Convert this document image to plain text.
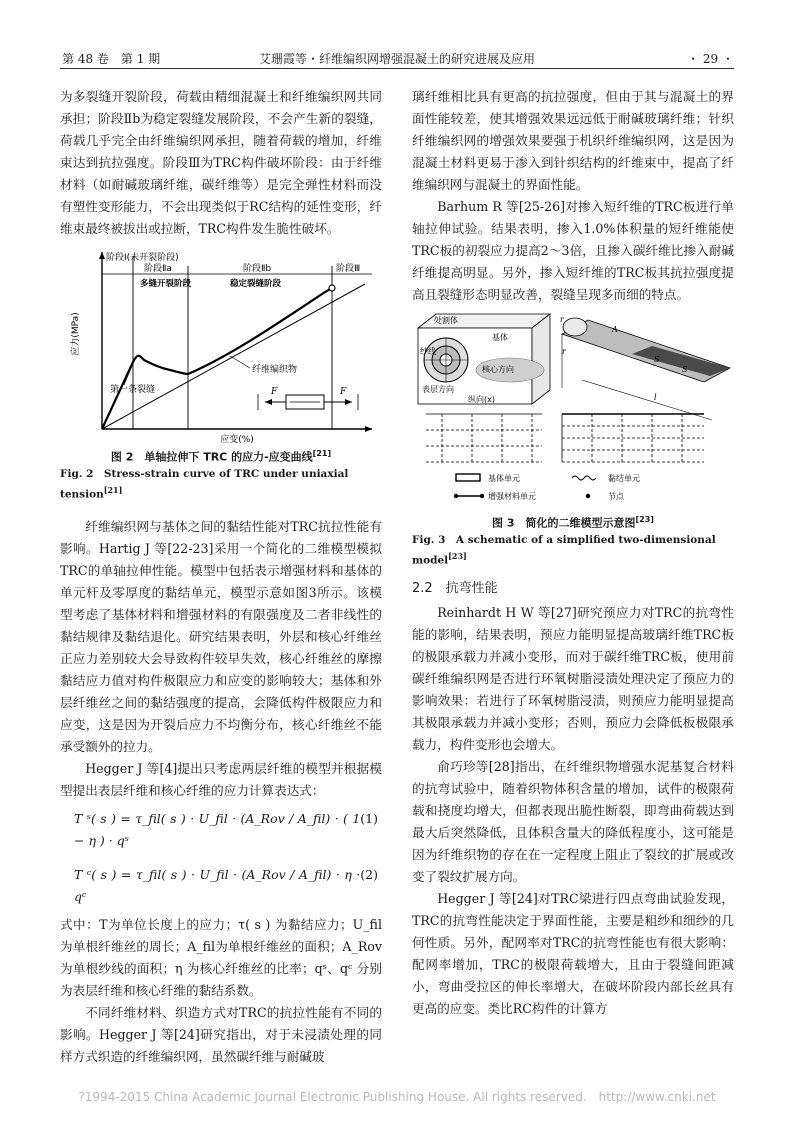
第 48 卷　第 1 期	艾珊霞等・纤维编织网增强混凝土的研究进展及应用	・ 29 ・

为多裂缝开裂阶段，荷载由精细混凝土和纤维编织网共同承担；阶段Ⅱb为稳定裂缝发展阶段，不会产生新的裂缝，荷载几乎完全由纤维编织网承担，随着荷载的增加，纤维束达到抗拉强度。阶段Ⅲ为TRC构件破坏阶段：由于纤维材料（如耐碱玻璃纤维，碳纤维等）是完全弹性材料而没有塑性变形能力，不会出现类似于RC结构的延性变形，纤维束最终被拔出或拉断，TRC构件发生脆性破坏。

阶段Ⅰ(未开裂阶段)
阶段Ⅱa
多缝开裂阶段
阶段Ⅱb
稳定裂缝阶段
阶段Ⅲ
应力(MPa)
应变(%)
纤维编织物
第一条裂缝	F	F
图 2　单轴拉伸下 TRC 的应力-应变曲线[21]
Fig. 2　Stress-strain curve of TRC under uniaxial tension[21]

纤维编织网与基体之间的黏结性能对TRC抗拉性能有影响。Hartig J 等[22-23]采用一个简化的二维模型模拟TRC的单轴拉伸性能。模型中包括表示增强材料和基体的单元杆及零厚度的黏结单元，模型示意如图3所示。该模型考虑了基体材料和增强材料的有限强度及二者非线性的黏结规律及黏结退化。研究结果表明，外层和核心纤维丝正应力差别较大会导致构件较早失效，核心纤维丝的摩擦黏结应力值对构件极限应力和应变的影响较大；基体和外层纤维丝之间的黏结强度的提高，会降低构件极限应力和应变，这是因为开裂后应力不均衡分布，核心纤维丝不能承受额外的拉力。

Hegger J 等[4]提出只考虑两层纤维的模型并根据模型提出表层纤维和核心纤维的应力计算表达式：

T ˢ( s ) = τ_fil( s ) · U_fil · (A_Rov / A_fil) · ( 1 − η ) · qˢ
(1)
T ᶜ( s ) = τ_fil( s ) · U_fil · (A_Rov / A_fil) · η · qᶜ
(2)

式中：T为单位长度上的应力；τ( s ) 为黏结应力；U_fil为单根纤维丝的周长；A_fil为单根纤维丝的面积；A_Rov为单根纱线的面积；η 为核心纤维丝的比率；qˢ、qᶜ 分别为表层纤维和核心纤维的黏结系数。

不同纤维材料、织造方式对TRC的抗拉性能有不同的影响。Hegger J 等[24]研究指出，对于未浸渍处理的同样方式织造的纤维编织网，虽然碳纤维与耐碱玻

璃纤维相比具有更高的抗拉强度，但由于其与混凝土的界面性能较差，使其增强效果远远低于耐碱玻璃纤维；针织纤维编织网的增强效果要强于机织纤维编织网，这是因为混凝土材料更易于渗入到针织结构的纤维束中，提高了纤维编织网与混凝土的界面性能。

Barhum R 等[25-26]对掺入短纤维的TRC板进行单轴拉伸试验。结果表明，掺入1.0%体积量的短纤维能使TRC板的初裂应力提高2～3倍，且掺入碳纤维比掺入耐碱纤维提高明显。另外，掺入短纤维的TRC板其抗拉强度提高且裂缝形态明显改善，裂缝呈现多而细的特点。

处割体
基体
纱线
核心方向
表层方向
纵向(x)
r
r
A
S
S
l
基体单元	黏结单元
增强材料单元	节点
图 3　简化的二维模型示意图[23]
Fig. 3　A schematic of a simplified two-dimensional model[23]
2.2　抗弯性能

Reinhardt H W 等[27]研究预应力对TRC的抗弯性能的影响，结果表明，预应力能明显提高玻璃纤维TRC板的极限承载力并减小变形，而对于碳纤维TRC板，使用前碳纤维编织网是否进行环氧树脂浸渍处理决定了预应力的影响效果：若进行了环氧树脂浸渍，则预应力能明显提高其极限承载力并减小变形；否则，预应力会降低板极限承载力，构件变形也会增大。

俞巧珍等[28]指出，在纤维织物增强水泥基复合材料的抗弯试验中，随着织物体积含量的增加，试件的极限荷载和挠度均增大，但都表现出脆性断裂，即弯曲荷载达到最大后突然降低，且体积含量大的降低程度小，这可能是因为纤维织物的存在在一定程度上阻止了裂纹的扩展或改变了裂纹扩展方向。

Hegger J 等[24]对TRC梁进行四点弯曲试验发现，TRC的抗弯性能决定于界面性能，主要是粗纱和细纱的几何性质。另外，配网率对TRC的抗弯性能也有很大影响：配网率增加，TRC的极限荷载增大，且由于裂缝间距减小，弯曲受拉区的伸长率增大，在破坏阶段内部长丝具有更高的应变。类比RC构件的计算方

?1994-2015 China Academic Journal Electronic Publishing House. All rights reserved.　http://www.cnki.net
